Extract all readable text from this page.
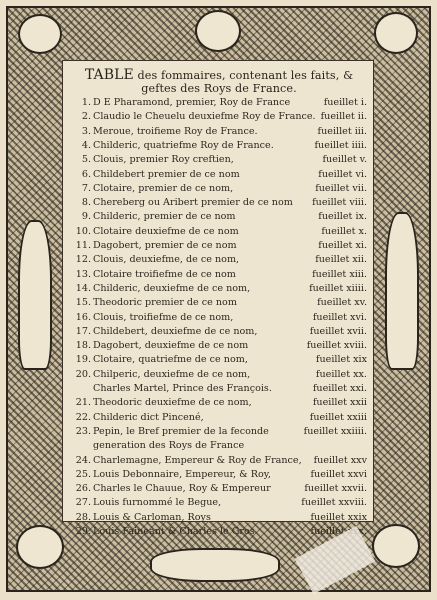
TABLE des fommaires, contenant les faits, &
geftes des Roys de France.
1. D E Pharamond, premier, Roy de France	fueillet i.
2. Claudio le Cheuelu deuxiefme Roy de France. fueillet ii.
3. Meroue, troifieme Roy de France.	fueillet iii.
4. Childeric, quatriefme Roy de France.	fueillet iiii.
5. Clouis, premier Roy creftien,	fueillet v.
6. Childebert premier de ce nom	fueillet vi.
7. Clotaire, premier de ce nom,	fueillet vii.
8. Chereberg ou Aribert premier de ce nom fueillet viii.
9. Childeric, premier de ce nom	fueillet ix.
10. Clotaire deuxiefme de ce nom	fueillet x.
11. Dagobert, premier de ce nom	fueillet xi.
12. Clouis, deuxiefme, de ce nom,	fueillet xii.
13. Clotaire troifiefme de ce nom	fueillet xiii.
14. Childeric, deuxiefme de ce nom,	fueillet xiiii.
15. Theodoric premier de ce nom	fueillet xv.
16. Clouis, troifiefme de ce nom,	fueillet xvi.
17. Childebert, deuxiefme de ce nom,	fueillet xvii.
18. Dagobert, deuxiefme de ce nom	fueillet xviii.
19. Clotaire, quatriefme de ce nom,	fueillet xix
20. Chilperic, deuxiefme de ce nom,	fueillet xx.
Charles Martel, Prince des François.	fueillet xxi.
21. Theodoric deuxiefme de ce nom,	fueillet xxii
22. Childeric dict Pincené,	fueillet xxiii
23. Pepin, le Bref premier de la feconde	fueillet xxiiii.
generation des Roys de France
24. Charlemagne, Empereur & Roy de France, fueillet xxv
25. Louis Debonnaire, Empereur, & Roy,	fueillet xxvi
26. Charles le Chauue, Roy & Empereur	fueillet xxvii.
27. Louis furnommé le Begue,	fueillet xxviii.
28. Louis & Carloman, Roys	fueillet xxix
29. Louis Faineant & Charles le Gros	fueillet xxx.
